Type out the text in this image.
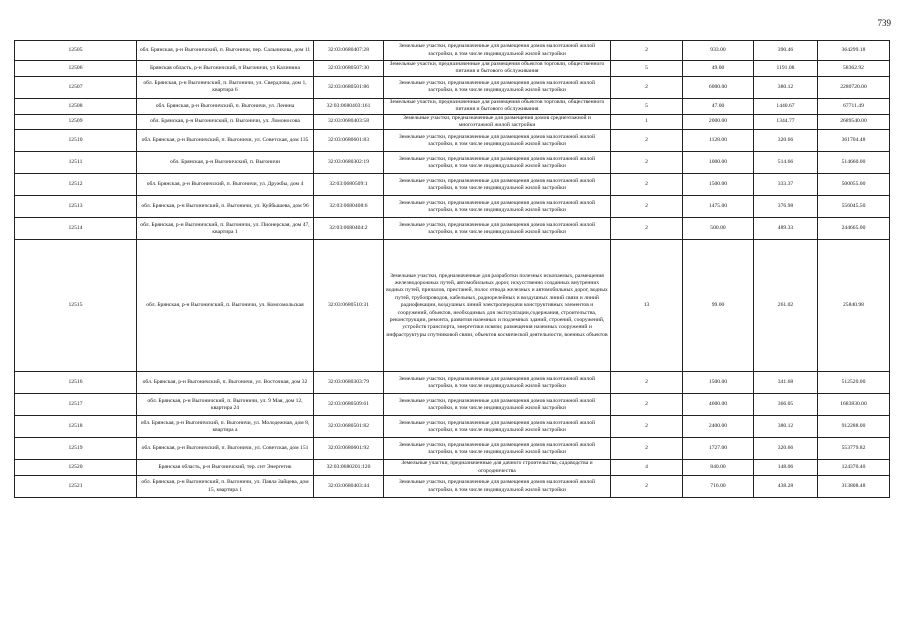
739
12505	обл. Брянская, р-н Выгоничский, п. Выгоничи, пер. Сальникова, дом 11	32:03:0680407:28	Земельные участки, предназначенные для размещения домов малоэтажной жилой застройки, в том числе индивидуальной жилой застройки	2	933.00	390.46	364299.18
12506	Брянская область, р-н Выгоничский, п Выгоничи, ул Калинина	32:03:0680507:30	Земельные участки, предназначенные для размещения объектов торговли, общественного питания и бытового обслуживания	5	49.00	1191.08	58362.92
12507	обл. Брянская, р-н Выгоничский, п. Выгоничи, ул. Свердлова, дом 1, квартира 6	32:03:0680501:86	Земельные участки, предназначенные для размещения домов малоэтажной жилой застройки, в том числе индивидуальной жилой застройки	2	6000.00	380.12	2280720.00
12508	обл. Брянская, р-н Выгоничский, п. Выгоничи, ул. Ленина	32:03:0680403:161	Земельные участки, предназначенные для размещения объектов торговли, общественного питания и бытового обслуживания	5	47.00	1440.67	67711.49
12509	обл. Брянская, р-н Выгоничский, п. Выгоничи, ул. Ломоносова	32:03:0680403:58	Земельные участки, предназначенные для размещения домов среднеэтажной и многоэтажной жилой застройки	1	2000.00	1344.77	2689540.00
12510	обл. Брянская, р-н Выгоничский, п. Выгоничи, ул. Советская, дом 135	32:03:0680601:83	Земельные участки, предназначенные для размещения домов малоэтажной жилой застройки, в том числе индивидуальной жилой застройки	2	1128.00	320.66	361704.48
12511	обл. Брянская, р-н Выгоничский, п. Выгоничи	32:03:0680302:19	Земельные участки, предназначенные для размещения домов малоэтажной жилой застройки, в том числе индивидуальной жилой застройки	2	1000.00	514.66	514660.00
12512	обл. Брянская, р-н Выгоничский, п. Выгоничи, ул. Дружбы, дом 4	32:03:0680509:1	Земельные участки, предназначенные для размещения домов малоэтажной жилой застройки, в том числе индивидуальной жилой застройки	2	1500.00	333.37	500055.00
12513	обл. Брянская, р-н Выгоничский, п. Выгоничи, ул. Куйбышева, дом 96	32:03:0680408:6	Земельные участки, предназначенные для размещения домов малоэтажной жилой застройки, в том числе индивидуальной жилой застройки	2	1475.00	376.98	556045.50
12514	обл. Брянская, р-н Выгоничский, п. Выгоничи, ул. Пионерская, дом 47, квартира 1	32:03:0680404:2	Земельные участки, предназначенные для размещения домов малоэтажной жилой застройки, в том числе индивидуальной жилой застройки	2	500.00	489.33	244665.00
12515	обл. Брянская, р-н Выгоничский, п. Выгоничи, ул. Комсомольская	32:03:0680510:31	Земельные участки, предназначенные для разработки полезных ископаемых, размещения железнодорожных путей, автомобильных дорог, искусственно созданных внутренних водных путей, причалов, пристаней, полос отвода железных и автомобильных дорог, водных путей, трубопроводов, кабельных, радиорелейных и воздушных линий связи и линий радиофикации, воздушных линий электропередачи конструктивных элементов и сооружений, объектов, необходимых для эксплуатации,содержания, строительства, реконструкции, ремонта, развития наземных и подземных зданий, строений, сооружений, устройств транспорта, энергетики исвязи; размещения наземных сооружений и инфраструктуры спутниковой связи, объектов космической деятельности, военных объектов	13	99.00	261.02	25840.98
12516	обл. Брянская, р-н Выгоничский, п. Выгоничи, ул. Восточная, дом 32	32:03:0680303:79	Земельные участки, предназначенные для размещения домов малоэтажной жилой застройки, в том числе индивидуальной жилой застройки	2	1500.00	341.68	512520.00
12517	обл. Брянская, р-н Выгоничский, п. Выгоничи, ул. 9 Мая, дом 12, квартира 24	32:03:0680509:61	Земельные участки, предназначенные для размещения домов малоэтажной жилой застройки, в том числе индивидуальной жилой застройки	2	4600.00	366.05	1683830.00
12518	обл. Брянская, р-н Выгоничский, п. Выгоничи, ул. Молодежная, дом 8, квартира a	32:03:0680501:82	Земельные участки, предназначенные для размещения домов малоэтажной жилой застройки, в том числе индивидуальной жилой застройки	2	2400.00	380.12	912288.00
12519	обл. Брянская, р-н Выгоничский, п. Выгоничи, ул. Советская, дом 151	32:03:0680601:92	Земельные участки, предназначенные для размещения домов малоэтажной жилой застройки, в том числе индивидуальной жилой застройки	2	1727.00	320.66	553779.82
12520	Брянская область, р-н Выгоничский, тер. снт Энергетик	32:03:0680201:120	Земельные участки, предназначенные для дачного строительства, садоводства и огородничества	4	840.00	148.06	124370.40
12521	обл. Брянская, р-н Выгоничский, п. Выгоничи, ул. Павла Зайцева, дом 15, квартира 1	32:03:0680403:44	Земельные участки, предназначенные для размещения домов малоэтажной жилой застройки, в том числе индивидуальной жилой застройки	2	716.00	438.28	313808.48
